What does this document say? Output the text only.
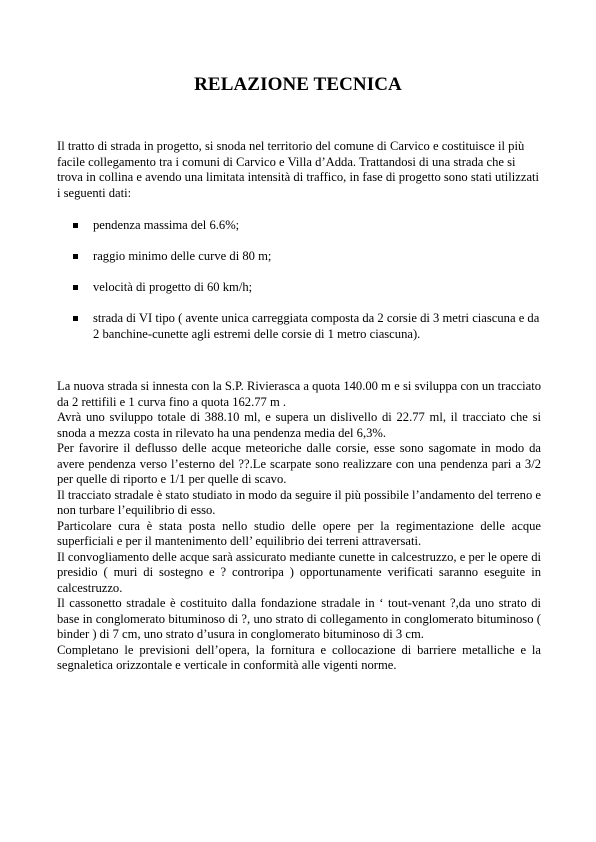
RELAZIONE TECNICA

Il tratto di strada in progetto, si snoda nel territorio del comune di Carvico e costituisce il più facile collegamento tra i comuni di Carvico e Villa d’Adda. Trattandosi di una strada che si trova in collina e avendo una limitata intensità di traffico, in fase di progetto sono stati utilizzati i seguenti dati:

pendenza massima del 6.6%;
raggio minimo delle curve di 80 m;
velocità di progetto di 60 km/h;
strada di VI tipo ( avente unica carreggiata composta da 2 corsie di 3 metri ciascuna e da 2 banchine-cunette agli estremi delle corsie di 1 metro ciascuna).

La nuova strada si innesta con la S.P. Rivierasca a quota 140.00 m e si sviluppa con un tracciato da 2 rettifili e 1 curva fino a quota 162.77 m .

Avrà uno sviluppo totale di 388.10 ml, e supera un dislivello di 22.77 ml, il tracciato che si snoda a mezza costa in rilevato ha una pendenza media del 6,3%.

Per favorire il deflusso delle acque meteoriche dalle corsie, esse sono sagomate in modo da avere pendenza verso l’esterno del ??.Le scarpate sono realizzare con una pendenza pari a 3/2 per quelle di riporto e 1/1 per quelle di scavo.

Il tracciato stradale è stato studiato in modo da seguire il più possibile l’andamento del terreno e non turbare l’equilibrio di esso.

Particolare cura è stata posta nello studio delle opere per la regimentazione delle acque superficiali e per il mantenimento dell’ equilibrio dei terreni attraversati.

Il convogliamento delle acque sarà assicurato mediante cunette in calcestruzzo, e per le opere di presidio ( muri di sostegno e ? controripa ) opportunamente verificati saranno eseguite in calcestruzzo.

Il cassonetto stradale è costituito dalla fondazione stradale in ‘ tout-venant ?,da uno strato di base in conglomerato bituminoso di ?, uno strato di collegamento in conglomerato bituminoso ( binder ) di 7 cm, uno strato d’usura in conglomerato bituminoso di 3 cm.

Completano le previsioni dell’opera, la fornitura e collocazione di barriere metalliche e la segnaletica orizzontale e verticale in conformità alle vigenti norme.
